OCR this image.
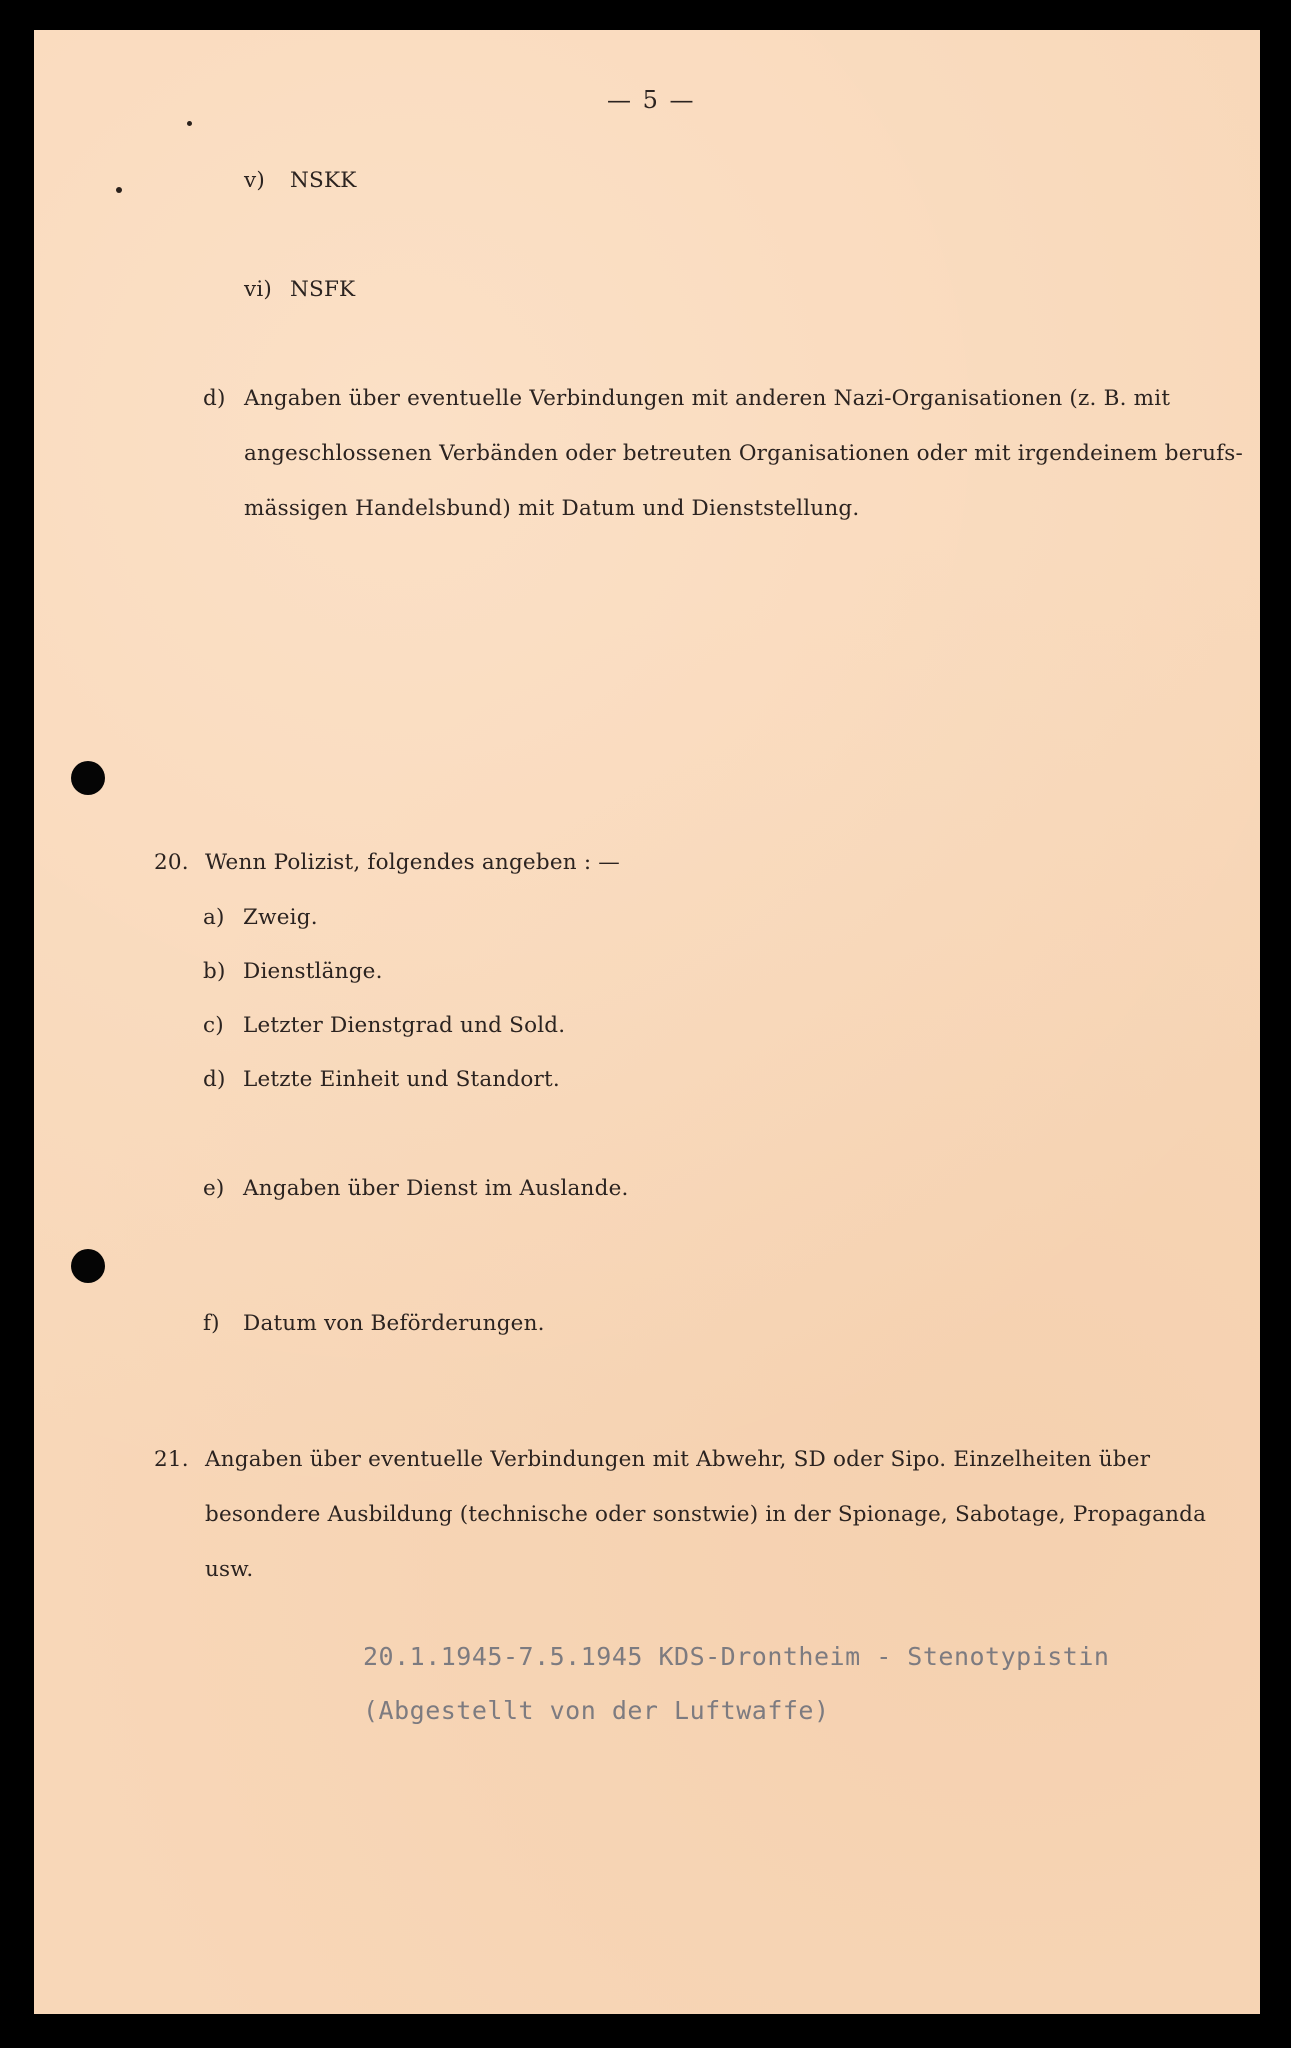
— 5 —

v) NSKK

vi) NSFK

d) Angaben über eventuelle Verbindungen mit anderen Nazi-Organisationen (z. B. mit

angeschlossenen Verbänden oder betreuten Organisationen oder mit irgendeinem berufs-

mässigen Handelsbund) mit Datum und Dienststellung.

20. Wenn Polizist, folgendes angeben : —

a) Zweig.

b) Dienstlänge.

c) Letzter Dienstgrad und Sold.

d) Letzte Einheit und Standort.

e) Angaben über Dienst im Auslande.

f) Datum von Beförderungen.

21. Angaben über eventuelle Verbindungen mit Abwehr, SD oder Sipo. Einzelheiten über

besondere Ausbildung (technische oder sonstwie) in der Spionage, Sabotage, Propaganda

usw.

20.1.1945-7.5.1945 KDS-Drontheim - Stenotypistin

(Abgestellt von der Luftwaffe)
